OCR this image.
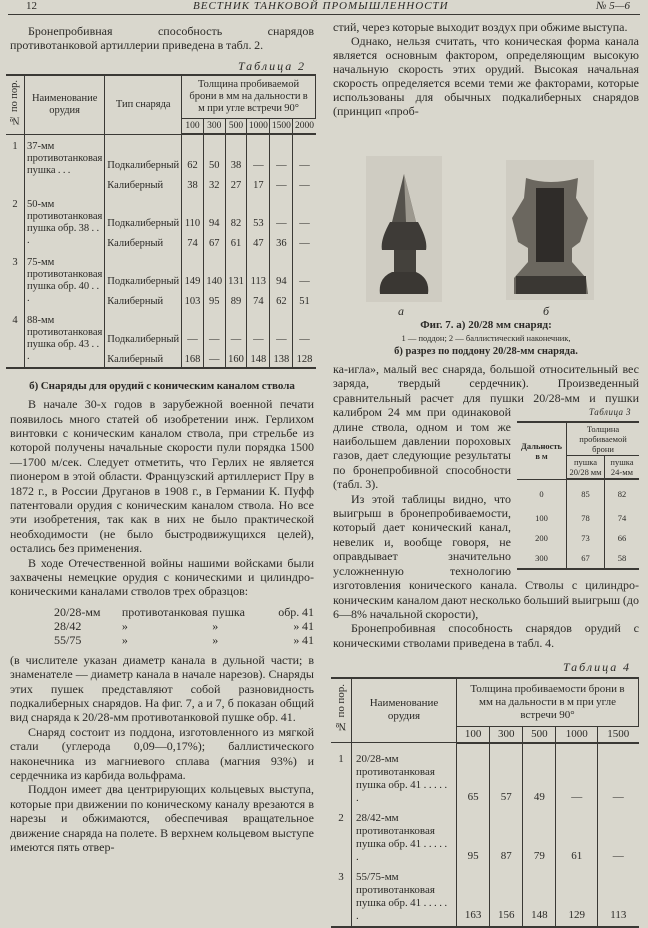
12	ВЕСТНИК ТАНКОВОЙ ПРОМЫШЛЕННОСТИ	№ 5—6

Бронепробивная способность снарядов противотанковой артиллерии приведена в табл. 2.

Таблица 2
№ по пор.	Наименование орудия	Тип снаряда	Толщина пробиваемой брони в мм на дальности в м при угле встречи 90°					
			100	300	500	1000	1500	2000
1	37-мм противотанковая пушка . . .	Подкалиберный	62	50	38	—	—	—
		Калиберный	38	32	27	17	—	—
2	50-мм противотанковая пушка обр. 38 . . .	Подкалиберный	110	94	82	53	—	—
		Калиберный	74	67	61	47	36	—
3	75-мм противотанковая пушка обр. 40 . . .	Подкалиберный	149	140	131	113	94	—
		Калиберный	103	95	89	74	62	51
4	88-мм противотанковая пушка обр. 43 . . .	Подкалиберный	—	—	—	—	—	—
		Калиберный	168	—	160	148	138	128
б) Снаряды для орудий с коническим каналом ствола

В начале 30-х годов в зарубежной военной печати появилось много статей об изобретении инж. Герлихом винтовки с коническим каналом ствола, при стрельбе из которой получены начальные скорости пули порядка 1500—1700 м/сек. Следует отметить, что Герлих не является пионером в этой области. Французский артиллерист Пру в 1872 г., в России Друганов в 1908 г., в Германии К. Пуфф патентовали орудия с коническим каналом ствола. Но все эти изобретения, так как в них не было практической необходимости (не было быстродвижущихся целей), остались без применения.

В ходе Отечественной войны нашими войсками были захвачены немецкие орудия с коническими и цилиндро-коническими каналами стволов трех образцов:

20/28-мм	противотанковая пушка	обр. 41
28/42	»	»	» 41
55/75	»	»	» 41

(в числителе указан диаметр канала в дульной части; в знаменателе — диаметр канала в начале нарезов). Снаряды этих пушек представляют собой разновидность подкалиберных снарядов. На фиг. 7, а и 7, б показан общий вид снаряда к 20/28-мм противотанковой пушке обр. 41.

Снаряд состоит из поддона, изготовленного из мягкой стали (углерода 0,09—0,17%); баллистического наконечника из магниевого сплава (магния 93%) и сердечника из карбида вольфрама.

Поддон имеет два центрирующих кольцевых выступа, которые при движении по коническому каналу врезаются в нарезы и обжимаются, обеспечивая вращательное движение снаряда на полете. В верхнем кольцевом выступе имеются пять отвер-

стий, через которые выходит воздух при обжиме выступа.

Однако, нельзя считать, что коническая форма канала является основным фактором, определяющим высокую начальную скорость этих орудий. Высокая начальная скорость определяется всеми теми же факторами, которые использованы для обычных подкалиберных снарядов (принцип «проб-

а	б
Фиг. 7. а) 20/28 мм снаряд:
1 — поддон; 2 — баллистический наконечник,
б) разрез по поддону 20/28-мм снаряда.
Таблица 3
Дальность в м	Толщина пробиваемой брони	
	пушка 20/28 мм	пушка 24-мм
0	85	82
100	78	74
200	73	66
300	67	58

ка-игла», малый вес снаряда, большой относительный вес заряда, твердый сердечник). Произведенный сравнительный расчет для пушки 20/28-мм и пушки калибром 24 мм при одинаковой длине ствола, одном и том же наибольшем давлении пороховых газов, дает следующие результаты по бронепробивной способности (табл. 3).

Из этой таблицы видно, что выигрыш в бронепробиваемости, который дает конический канал, невелик и, вообще говоря, не оправдывает значительно усложненную технологию изготовления конического канала. Стволы с цилиндро-коническим каналом дают несколько больший выигрыш (до 6—8% начальной скорости),

Бронепробивная способность снарядов орудий с коническими стволами приведена в табл. 4.

Таблица 4
№ по пор.	Наименование орудия	Толщина пробиваемости брони в мм на дальности в м при угле встречи 90°				
		100	300	500	1000	1500
1	20/28-мм противотанковая пушка обр. 41 . . . . . .	65	57	49	—	—
2	28/42-мм противотанковая пушка обр. 41 . . . . . .	95	87	79	61	—
3	55/75-мм противотанковая пушка обр. 41 . . . . . .	163	156	148	129	113
